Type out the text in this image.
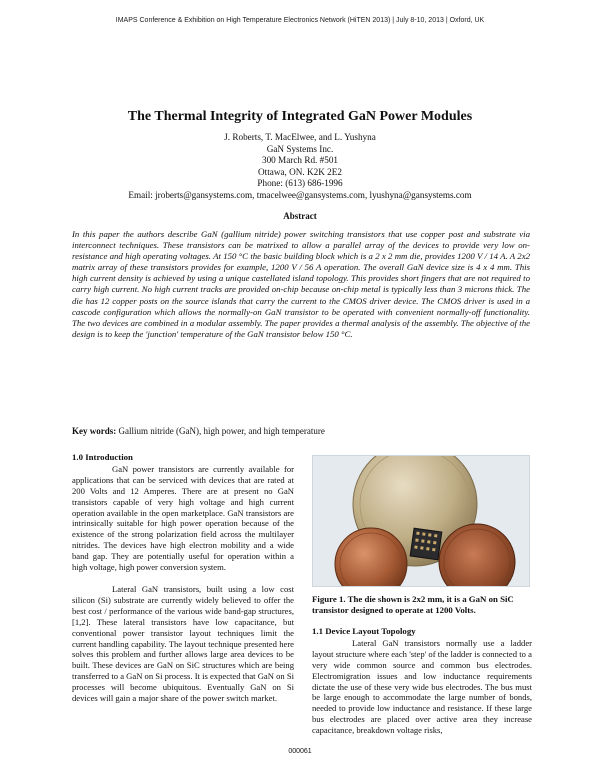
IMAPS Conference & Exhibition on High Temperature Electronics Network (HiTEN 2013) | July 8-10, 2013 | Oxford, UK
The Thermal Integrity of Integrated GaN Power Modules
J. Roberts, T. MacElwee, and L. Yushyna
GaN Systems Inc.
300 March Rd. #501
Ottawa, ON. K2K 2E2
Phone: (613) 686-1996
Email: jroberts@gansystems.com, tmacelwee@gansystems.com, lyushyna@gansystems.com
Abstract

In this paper the authors describe GaN (gallium nitride) power switching transistors that use copper post and substrate via interconnect techniques. These transistors can be matrixed to allow a parallel array of the devices to provide very low on-resistance and high operating voltages. At 150 °C the basic building block which is a 2 x 2 mm die, provides 1200 V / 14 A. A 2x2 matrix array of these transistors provides for example, 1200 V / 56 A operation. The overall GaN device size is 4 x 4 mm. This high current density is achieved by using a unique castellated island topology. This provides short fingers that are not required to carry high current. No high current tracks are provided on-chip because on-chip metal is typically less than 3 microns thick. The die has 12 copper posts on the source islands that carry the current to the CMOS driver device. The CMOS driver is used in a cascode configuration which allows the normally-on GaN transistor to be operated with convenient normally-off functionality. The two devices are combined in a modular assembly. The paper provides a thermal analysis of the assembly. The objective of the design is to keep the 'junction' temperature of the GaN transistor below 150 °C.

Key words: Gallium nitride (GaN), high power, and high temperature
1.0 Introduction

GaN power transistors are currently available for applications that can be serviced with devices that are rated at 200 Volts and 12 Amperes. There are at present no GaN transistors capable of very high voltage and high current operation available in the open marketplace. GaN transistors are intrinsically suitable for high power operation because of the existence of the strong polarization field across the multilayer nitrides. The devices have high electron mobility and a wide band gap. They are potentially useful for operation within a high voltage, high power conversion system.

Lateral GaN transistors, built using a low cost silicon (Si) substrate are currently widely believed to offer the best cost / performance of the various wide band-gap structures, [1,2]. These lateral transistors have low capacitance, but conventional power transistor layout techniques limit the current handling capability. The layout technique presented here solves this problem and further allows large area devices to be built. These devices are GaN on SiC structures which are being transferred to a GaN on Si process. It is expected that GaN on Si processes will become ubiquitous. Eventually GaN on Si devices will gain a major share of the power switch market.

Figure 1. The die shown is 2x2 mm, it is a GaN on SiC transistor designed to operate at 1200 Volts.
1.1 Device Layout Topology

Lateral GaN transistors normally use a ladder layout structure where each 'step' of the ladder is connected to a very wide common source and common bus electrodes. Electromigration issues and low inductance requirements dictate the use of these very wide bus electrodes. The bus must be large enough to accommodate the large number of bonds, needed to provide low inductance and resistance. If these large bus electrodes are placed over active area they increase capacitance, breakdown voltage risks,

000061
